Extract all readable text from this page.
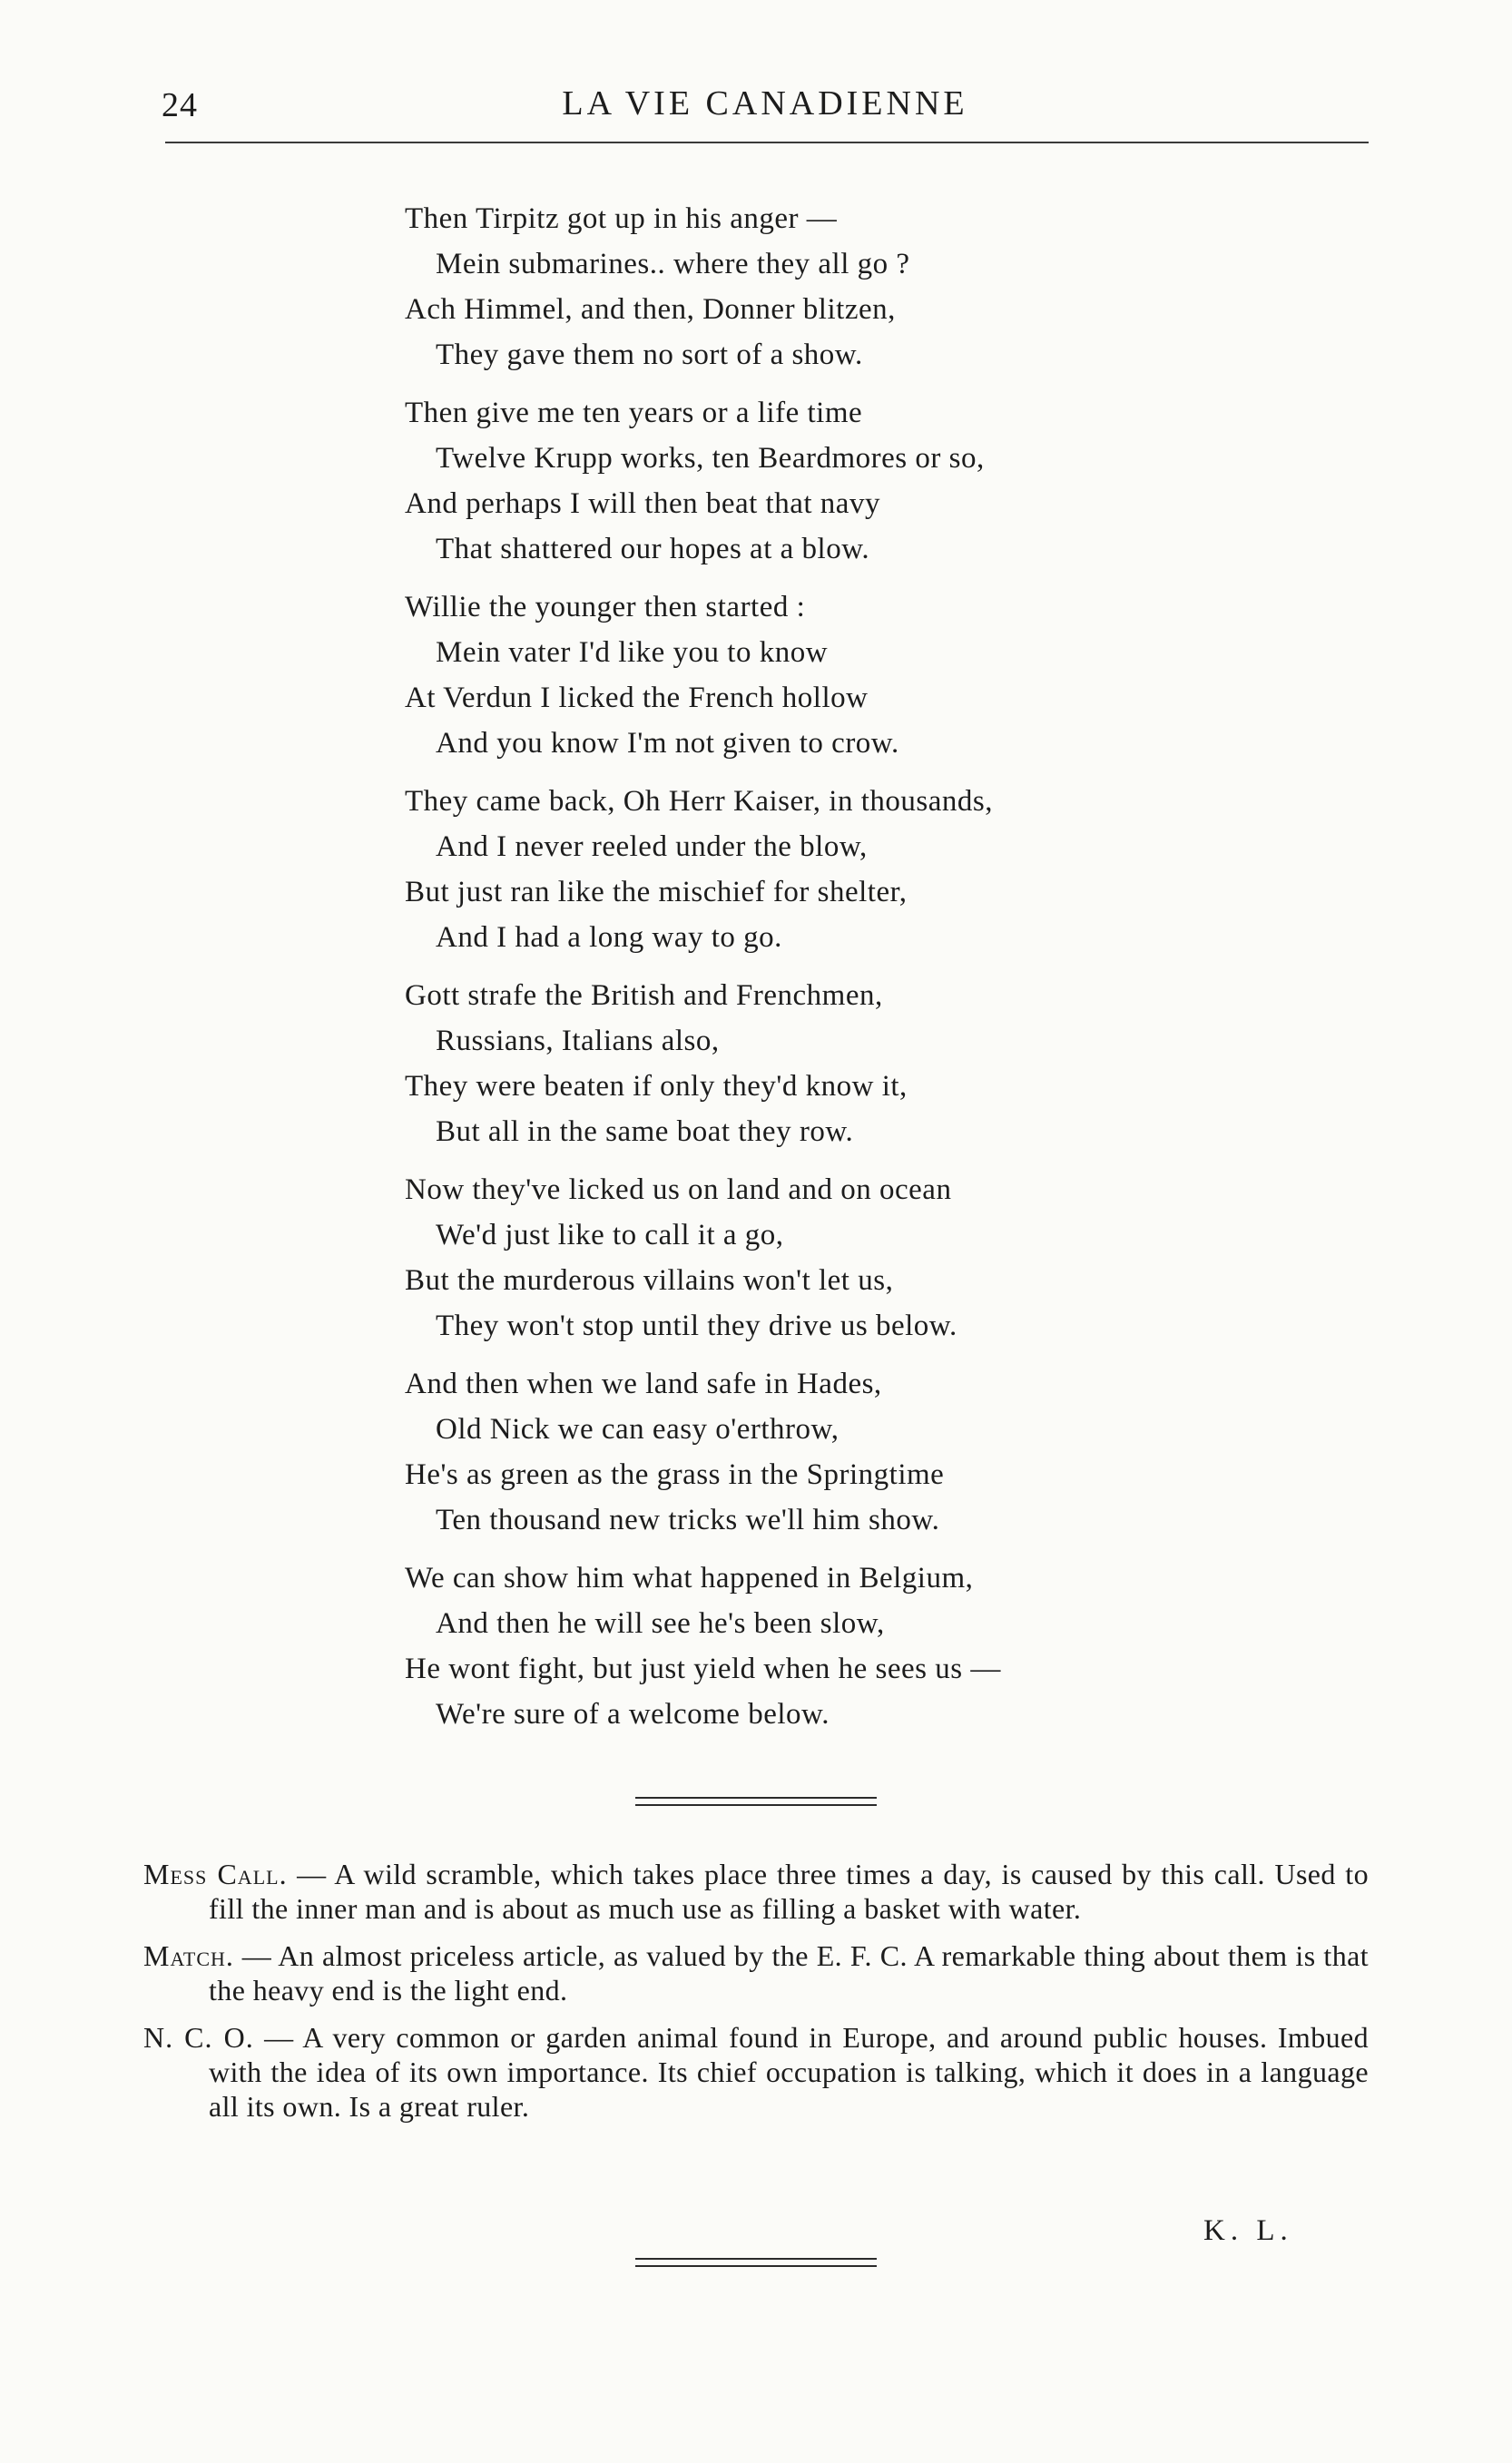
24	LA VIE CANADIENNE
Then Tirpitz got up in his anger —
Mein submarines.. where they all go ?
Ach Himmel, and then, Donner blitzen,
They gave them no sort of a show.
Then give me ten years or a life time
Twelve Krupp works, ten Beardmores or so,
And perhaps I will then beat that navy
That shattered our hopes at a blow.
Willie the younger then started :
Mein vater I'd like you to know
At Verdun I licked the French hollow
And you know I'm not given to crow.
They came back, Oh Herr Kaiser, in thousands,
And I never reeled under the blow,
But just ran like the mischief for shelter,
And I had a long way to go.
Gott strafe the British and Frenchmen,
Russians, Italians also,
They were beaten if only they'd know it,
But all in the same boat they row.
Now they've licked us on land and on ocean
We'd just like to call it a go,
But the murderous villains won't let us,
They won't stop until they drive us below.
And then when we land safe in Hades,
Old Nick we can easy o'erthrow,
He's as green as the grass in the Springtime
Ten thousand new tricks we'll him show.
We can show him what happened in Belgium,
And then he will see he's been slow,
He wont fight, but just yield when he sees us —
We're sure of a welcome below.

Mess Call. — A wild scramble, which takes place three times a day, is caused by this call. Used to fill the inner man and is about as much use as filling a basket with water.

Match. — An almost priceless article, as valued by the E. F. C. A remarkable thing about them is that the heavy end is the light end.

N. C. O. — A very common or garden animal found in Europe, and around public houses. Imbued with the idea of its own importance. Its chief occupation is talking, which it does in a language all its own. Is a great ruler.

K. L.
